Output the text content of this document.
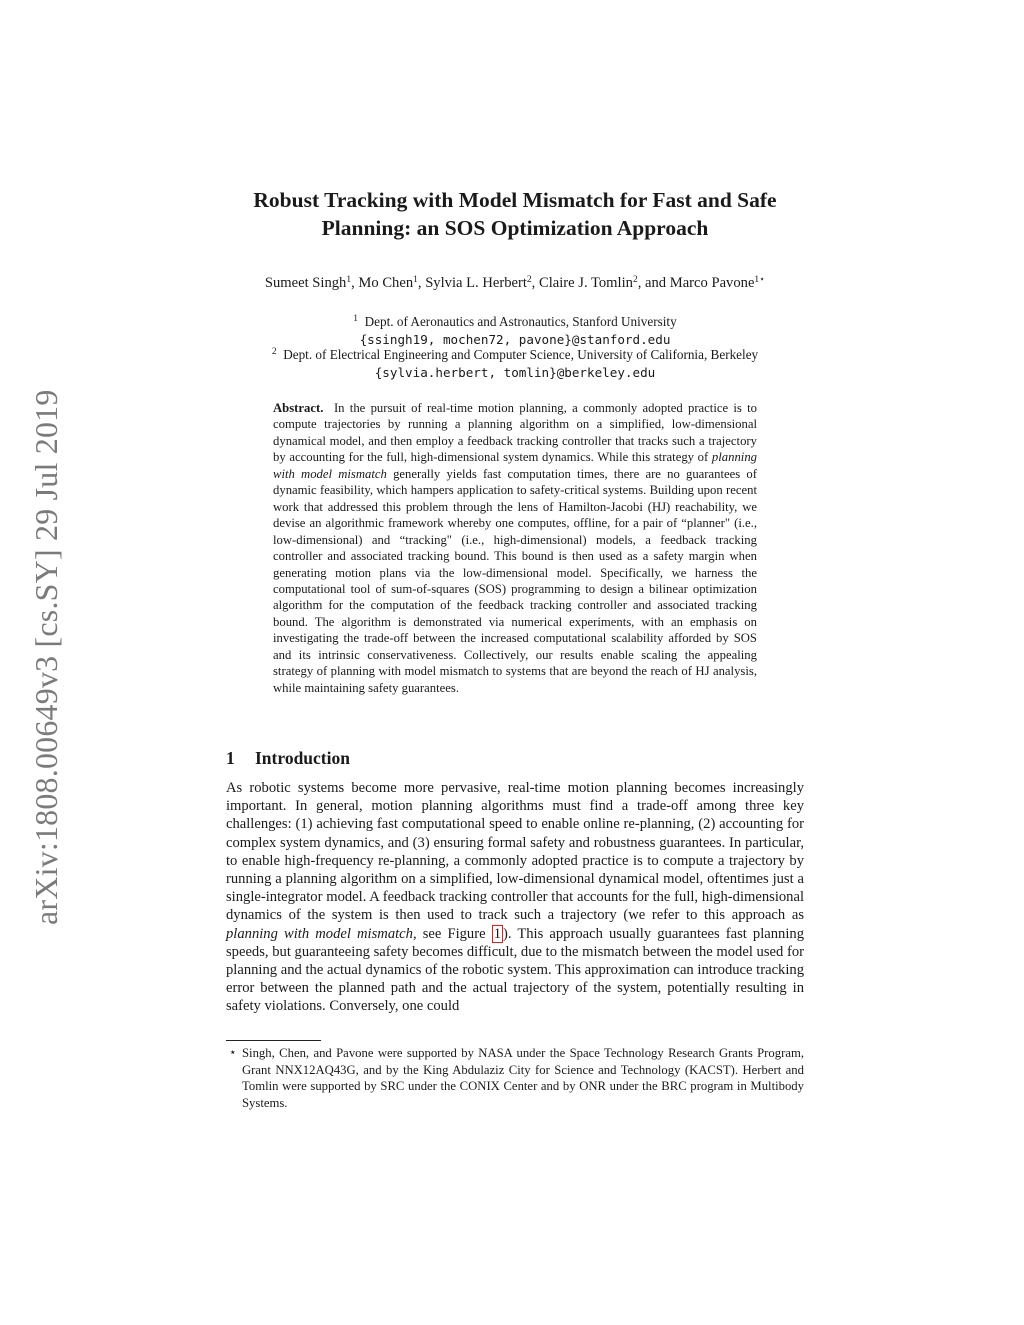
arXiv:1808.00649v3 [cs.SY] 29 Jul 2019
Robust Tracking with Model Mismatch for Fast and Safe
Planning: an SOS Optimization Approach
Sumeet Singh$^1$, Mo Chen$^1$, Sylvia L. Herbert$^2$, Claire J. Tomlin$^2$, and Marco Pavone$^{1⋆}$
$^1$ Dept. of Aeronautics and Astronautics, Stanford University
{ssingh19, mochen72, pavone}@stanford.edu
$^2$ Dept. of Electrical Engineering and Computer Science, University of California, Berkeley
{sylvia.herbert, tomlin}@berkeley.edu

Abstract. In the pursuit of real-time motion planning, a commonly adopted practice is to compute trajectories by running a planning algorithm on a simplified, low-dimensional dynamical model, and then employ a feedback tracking controller that tracks such a trajectory by accounting for the full, high-dimensional system dynamics. While this strategy of planning with model mismatch generally yields fast computation times, there are no guarantees of dynamic feasibility, which hampers application to safety-critical systems. Building upon recent work that addressed this problem through the lens of Hamilton-Jacobi (HJ) reachability, we devise an algorithmic framework whereby one computes, offline, for a pair of “planner" (i.e., low-dimensional) and “tracking" (i.e., high-dimensional) models, a feedback tracking controller and associated tracking bound. This bound is then used as a safety margin when generating motion plans via the low-dimensional model. Specifically, we harness the computational tool of sum-of-squares (SOS) programming to design a bilinear optimization algorithm for the computation of the feedback tracking controller and associated tracking bound. The algorithm is demonstrated via numerical experiments, with an emphasis on investigating the trade-off between the increased computational scalability afforded by SOS and its intrinsic conservativeness. Collectively, our results enable scaling the appealing strategy of planning with model mismatch to systems that are beyond the reach of HJ analysis, while maintaining safety guarantees.

1 Introduction

As robotic systems become more pervasive, real-time motion planning becomes increasingly important. In general, motion planning algorithms must find a trade-off among three key challenges: (1) achieving fast computational speed to enable online re-planning, (2) accounting for complex system dynamics, and (3) ensuring formal safety and robustness guarantees. In particular, to enable high-frequency re-planning, a commonly adopted practice is to compute a trajectory by running a planning algorithm on a simplified, low-dimensional dynamical model, oftentimes just a single-integrator model. A feedback tracking controller that accounts for the full, high-dimensional dynamics of the system is then used to track such a trajectory (we refer to this approach as planning with model mismatch, see Figure 1 ). This approach usually guarantees fast planning speeds, but guaranteeing safety becomes difficult, due to the mismatch between the model used for planning and the actual dynamics of the robotic system. This approximation can introduce tracking error between the planned path and the actual trajectory of the system, potentially resulting in safety violations. Conversely, one could

⋆ Singh, Chen, and Pavone were supported by NASA under the Space Technology Research Grants Program, Grant NNX12AQ43G, and by the King Abdulaziz City for Science and Technology (KACST). Herbert and Tomlin were supported by SRC under the CONIX Center and by ONR under the BRC program in Multibody Systems.
